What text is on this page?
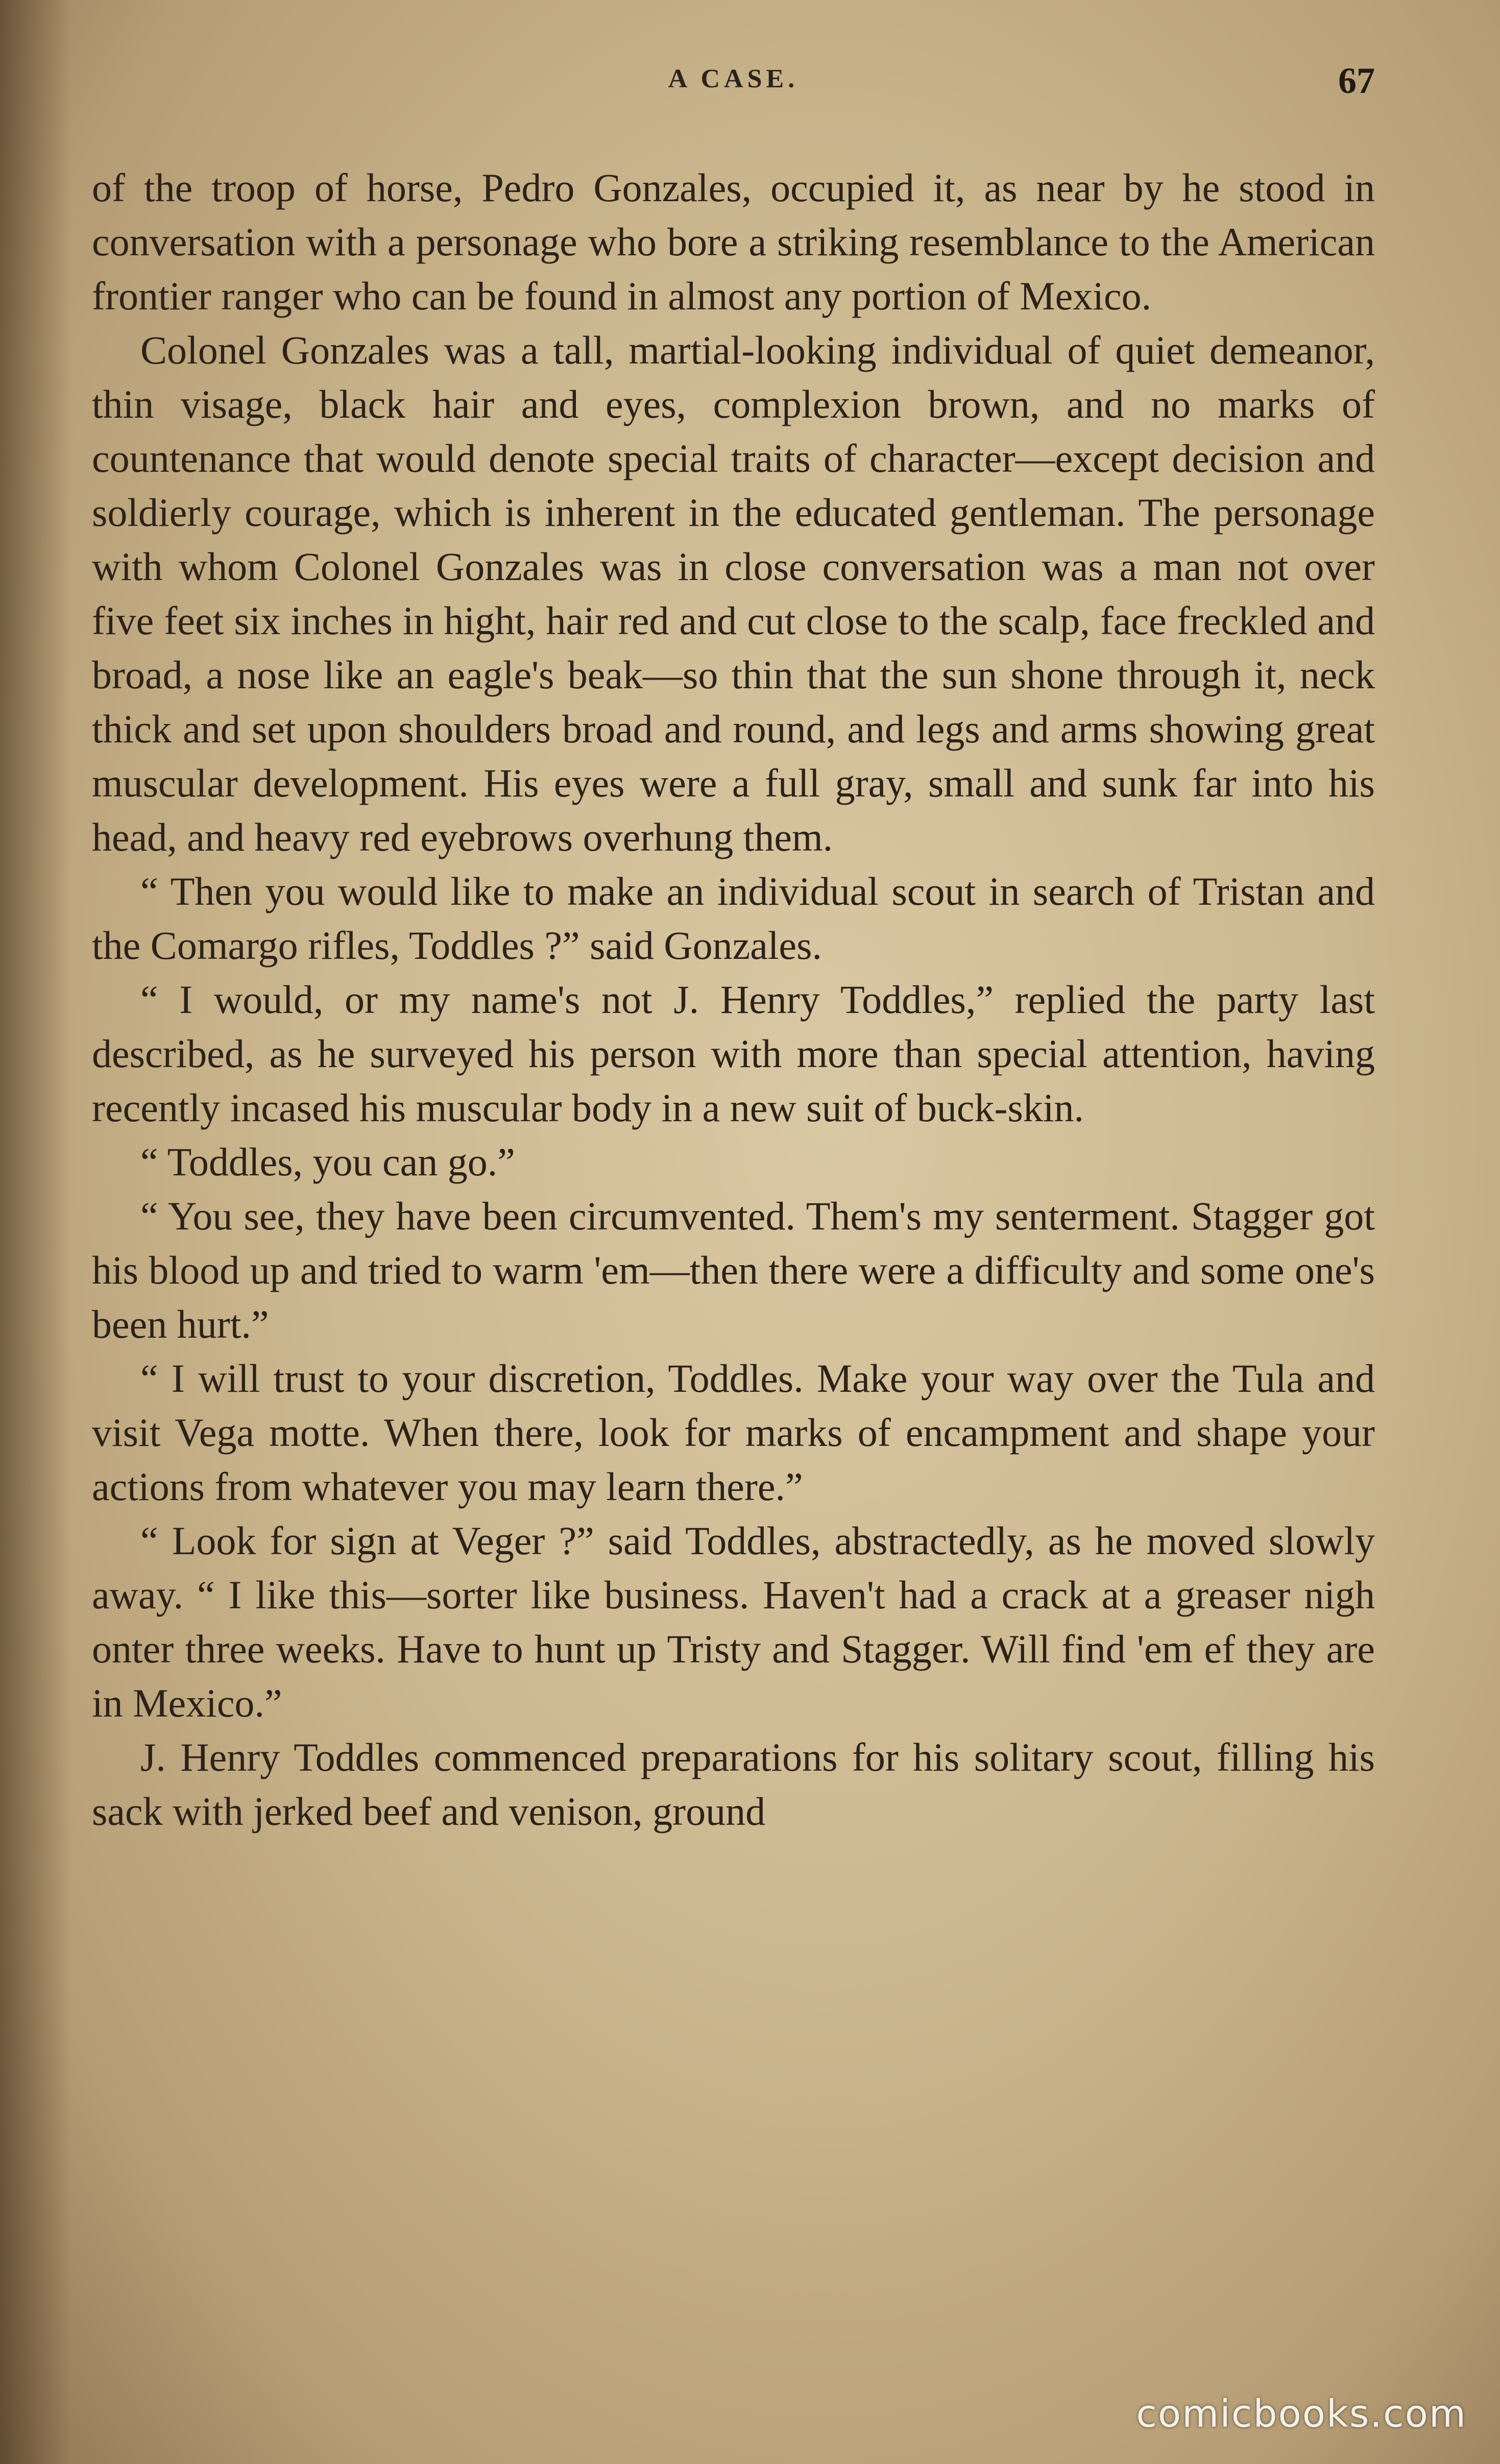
A CASE.	67

of the troop of horse, Pedro Gonzales, occupied it, as near by he stood in conversation with a personage who bore a striking resemblance to the American frontier ranger who can be found in almost any portion of Mexico.

Colonel Gonzales was a tall, martial-looking individual of quiet demeanor, thin visage, black hair and eyes, complexion brown, and no marks of countenance that would denote special traits of character—except decision and soldierly courage, which is inherent in the educated gentleman. The personage with whom Colonel Gonzales was in close conversation was a man not over five feet six inches in hight, hair red and cut close to the scalp, face freckled and broad, a nose like an eagle's beak—so thin that the sun shone through it, neck thick and set upon shoulders broad and round, and legs and arms showing great muscular development. His eyes were a full gray, small and sunk far into his head, and heavy red eyebrows overhung them.

“ Then you would like to make an individual scout in search of Tristan and the Comargo rifles, Toddles ?” said Gonzales.

“ I would, or my name's not J. Henry Toddles,” replied the party last described, as he surveyed his person with more than special attention, having recently incased his muscular body in a new suit of buck-skin.

“ Toddles, you can go.”

“ You see, they have been circumvented. Them's my senterment. Stagger got his blood up and tried to warm 'em—then there were a difficulty and some one's been hurt.”

“ I will trust to your discretion, Toddles. Make your way over the Tula and visit Vega motte. When there, look for marks of encampment and shape your actions from whatever you may learn there.”

“ Look for sign at Veger ?” said Toddles, abstractedly, as he moved slowly away. “ I like this—sorter like business. Haven't had a crack at a greaser nigh onter three weeks. Have to hunt up Tristy and Stagger. Will find 'em ef they are in Mexico.”

J. Henry Toddles commenced preparations for his solitary scout, filling his sack with jerked beef and venison, ground

comicbooks.com
